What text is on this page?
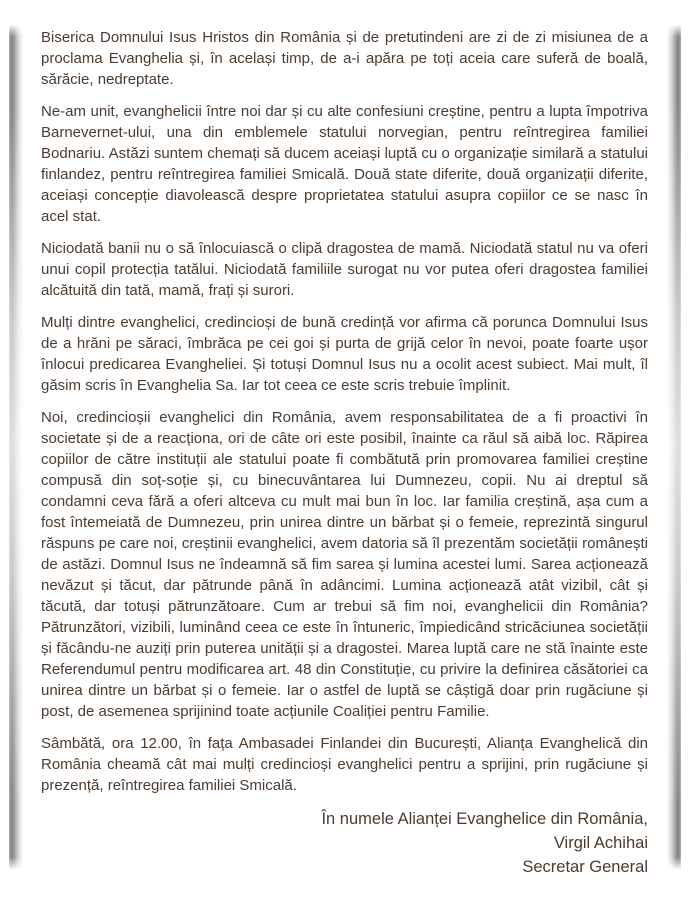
Biserica Domnului Isus Hristos din România și de pretutindeni are zi de zi misiunea de a proclama Evanghelia și, în același timp, de a-i apăra pe toți aceia care suferă de boală, sărăcie, nedreptate.

Ne-am unit, evanghelicii între noi dar și cu alte confesiuni creștine, pentru a lupta împotriva Barnevernet-ului, una din emblemele statului norvegian, pentru reîntregirea familiei Bodnariu. Astăzi suntem chemați să ducem aceiași luptă cu o organizație similară a statului finlandez, pentru reîntregirea familiei Smicală. Două state diferite, două organizații diferite, aceiași concepție diavolească despre proprietatea statului asupra copiilor ce se nasc în acel stat.

Niciodată banii nu o să înlocuiască o clipă dragostea de mamă. Niciodată statul nu va oferi unui copil protecția tatălui. Niciodată familiile surogat nu vor putea oferi dragostea familiei alcătuită din tată, mamă, frați și surori.

Mulți dintre evanghelici, credincioși de bună credință vor afirma că porunca Domnului Isus de a hrăni pe săraci, îmbrăca pe cei goi și purta de grijă celor în nevoi, poate foarte ușor înlocui predicarea Evangheliei. Și totuși Domnul Isus nu a ocolit acest subiect. Mai mult, îl găsim scris în Evanghelia Sa. Iar tot ceea ce este scris trebuie împlinit.

Noi, credincioșii evanghelici din România, avem responsabilitatea de a fi proactivi în societate și de a reacționa, ori de câte ori este posibil, înainte ca răul să aibă loc. Răpirea copiilor de către instituții ale statului poate fi combătută prin promovarea familiei creștine compusă din soț-soție și, cu binecuvântarea lui Dumnezeu, copii. Nu ai dreptul să condamni ceva fără a oferi altceva cu mult mai bun în loc. Iar familia creștină, așa cum a fost întemeiată de Dumnezeu, prin unirea dintre un bărbat și o femeie, reprezintă singurul răspuns pe care noi, creștinii evanghelici, avem datoria să îl prezentăm societății românești de astăzi. Domnul Isus ne îndeamnă să fim sarea și lumina acestei lumi. Sarea acționează nevăzut și tăcut, dar pătrunde până în adâncimi. Lumina acționează atât vizibil, cât și tăcută, dar totuși pătrunzătoare. Cum ar trebui să fim noi, evanghelicii din România? Pătrunzători, vizibili, luminând ceea ce este în întuneric, împiedicând stricăciunea societății și făcându-ne auziți prin puterea unității și a dragostei. Marea luptă care ne stă înainte este Referendumul pentru modificarea art. 48 din Constituție, cu privire la definirea căsătoriei ca unirea dintre un bărbat și o femeie. Iar o astfel de luptă se câștigă doar prin rugăciune și post, de asemenea sprijinind toate acțiunile Coaliției pentru Familie.

Sâmbătă, ora 12.00, în fața Ambasadei Finlandei din București, Alianța Evanghelică din România cheamă cât mai mulți credincioși evanghelici pentru a sprijini, prin rugăciune și prezență, reîntregirea familiei Smicală.

În numele Alianței Evanghelice din România,
Virgil Achihai
Secretar General
